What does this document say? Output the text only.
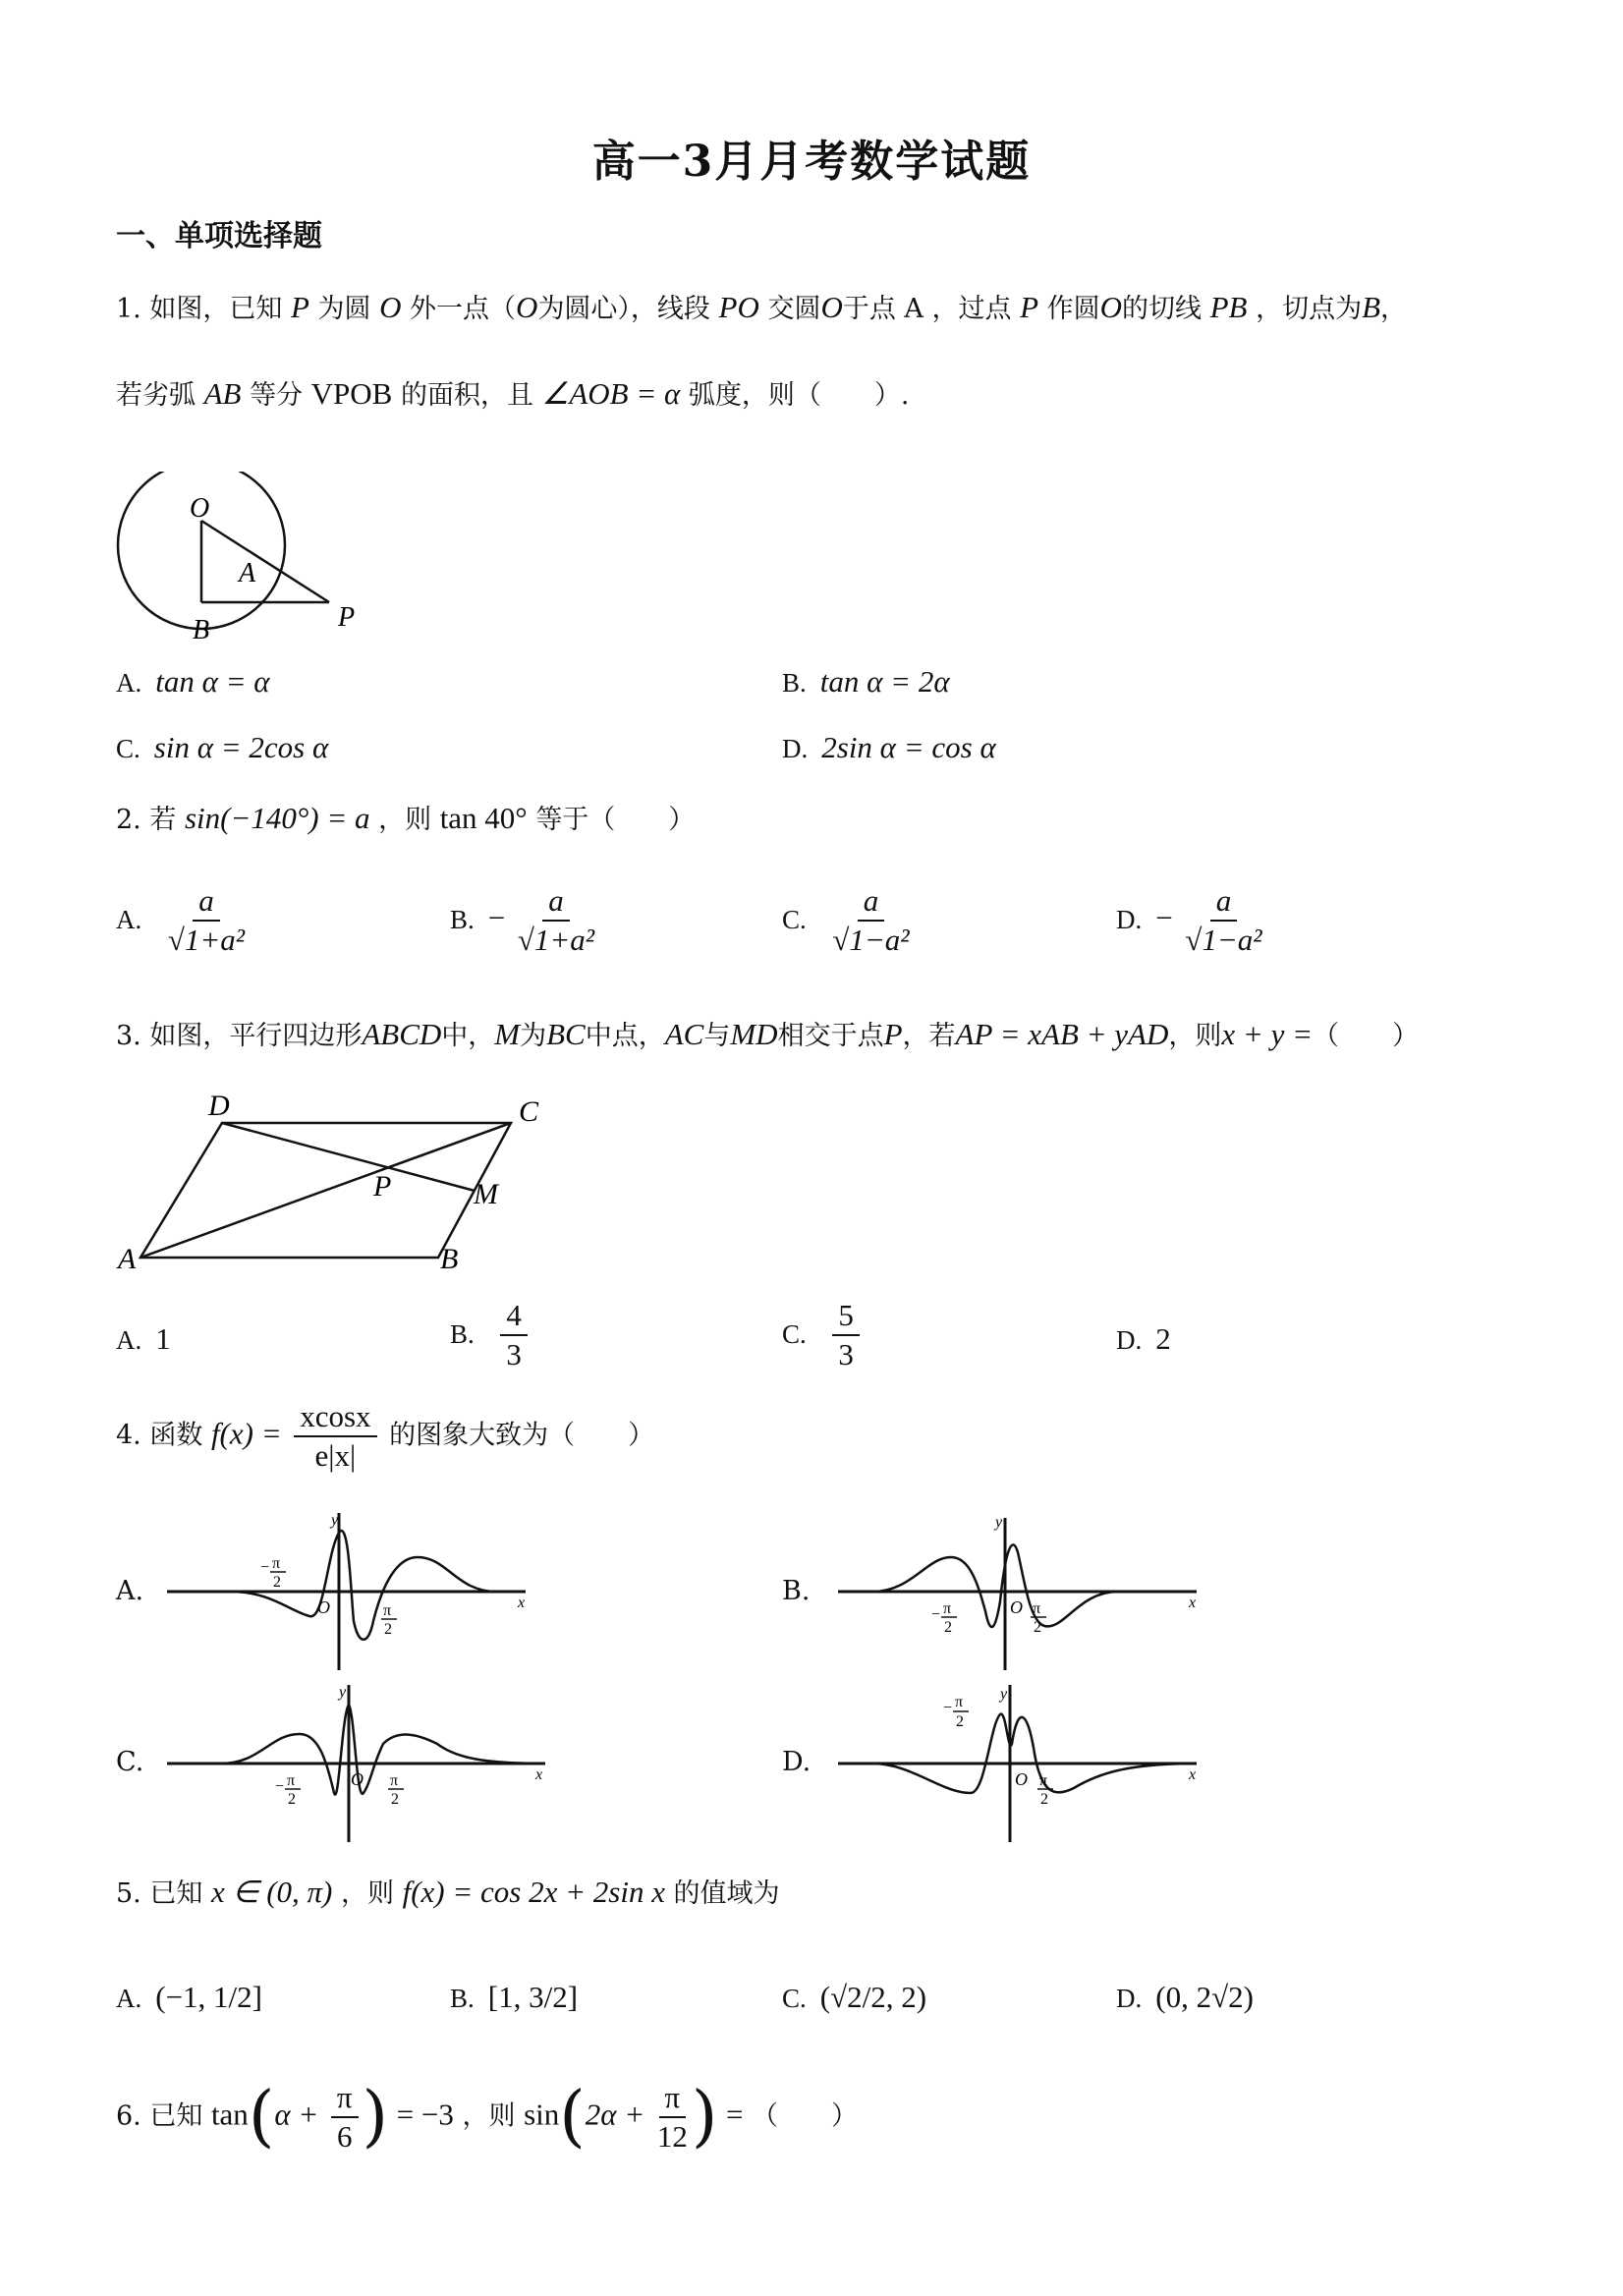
高一3月月考数学试题
一、单项选择题
1. 如图，已知 P 为圆 O 外一点（O为圆心），线段 PO 交圆O于点 A ，过点 P 作圆O的切线 PB ，切点为B，
若劣弧 AB 等分 VPOB 的面积，且 ∠AOB = α 弧度，则（　　）.
O
A
B	P
A. tan α = α	B. tan α = 2α
C. sin α = 2cos α	D. 2sin α = cos α
2. 若 sin(−140°) = a ，则 tan 40° 等于（　　）
A. $\frac{a}{\text{√1+a²}}$	B. − $\frac{a}{\text{√1+a²}}$	C. $\frac{a}{\text{√1−a²}}$	D. − $\frac{a}{\text{√1−a²}}$
3. 如图，平行四边形ABCD中，M为BC中点，AC与MD相交于点P，若AP = xAB + yAD，则x + y =（　　）
A	B
C
D
P	M
A. 1	B. $\frac{4}{3}$	C. $\frac{5}{3}$	D. 2
4. 函数 $f(x) = \frac{xcosx}{e|x|}$ 的图象大致为（　　）
A.	B.
C.	D.
y
x
O
− π
2
π
2
y
x
O
− π
2
π
2
y
x
O
− π
2
π
2
y
x
O
− π
2
π
2
5. 已知 x ∈ (0, π) ，则 f(x) = cos 2x + 2sin x 的值域为
A. (−1, 1/2]	B. [1, 3/2]	C. (√2/2, 2)	D. (0, 2√2)
6. 已知 $\tan(\alpha + \frac{\pi}{6}$ ) = −3 ，则 $\sin(2\alpha + \frac{\pi}{12}$ ) = （　　）
